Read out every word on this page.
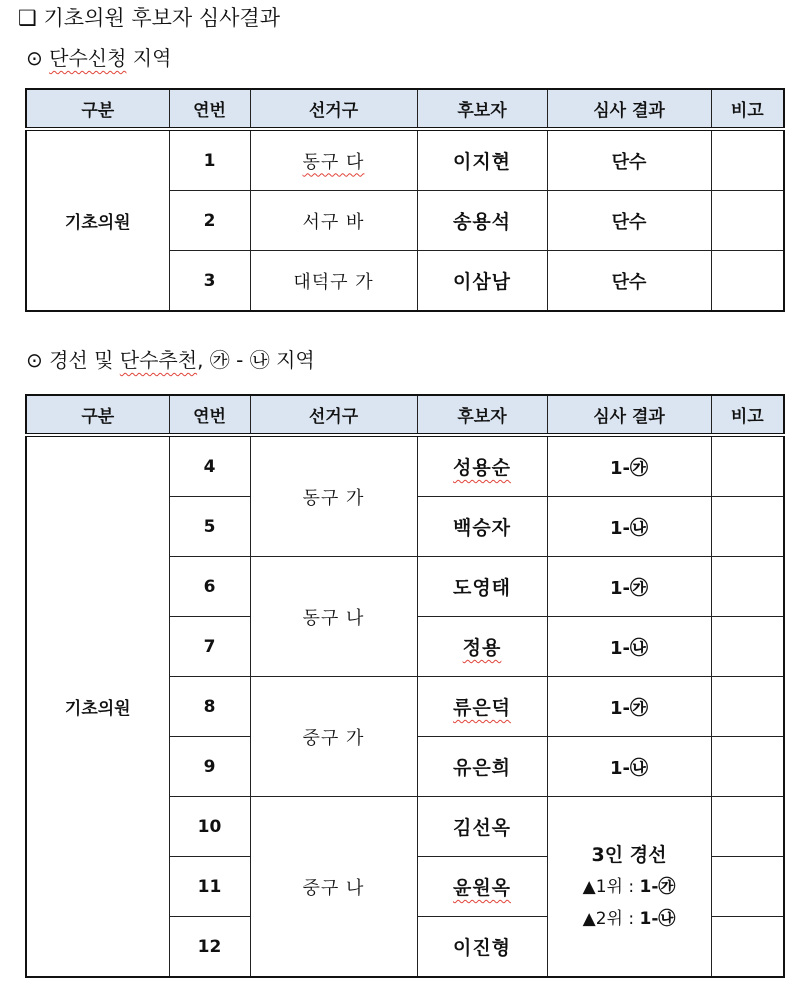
❑ 기초의원 후보자 심사결과
⊙ 단수신청 지역
구분	연번	선거구	후보자	심사 결과	비고
기초의원	1	동구 다	이지현	단수	
	2	서구 바	송용석	단수	
	3	대덕구 가	이삼남	단수	
⊙ 경선 및 단수추천, ㉮ - ㉯ 지역
구분	연번	선거구	후보자	심사 결과	비고
기초의원	4	동구 가	성용순	1-㉮	
	5		백승자	1-㉯	
	6	동구 나	도영태	1-㉮	
	7		정용	1-㉯	
	8	중구 가	류은덕	1-㉮	
	9		유은희	1-㉯	
	10	중구 나	김선옥	3인 경선
▲1위 : 1-㉮
▲2위 : 1-㉯	

	11		윤원옥		
	12		이진형		
